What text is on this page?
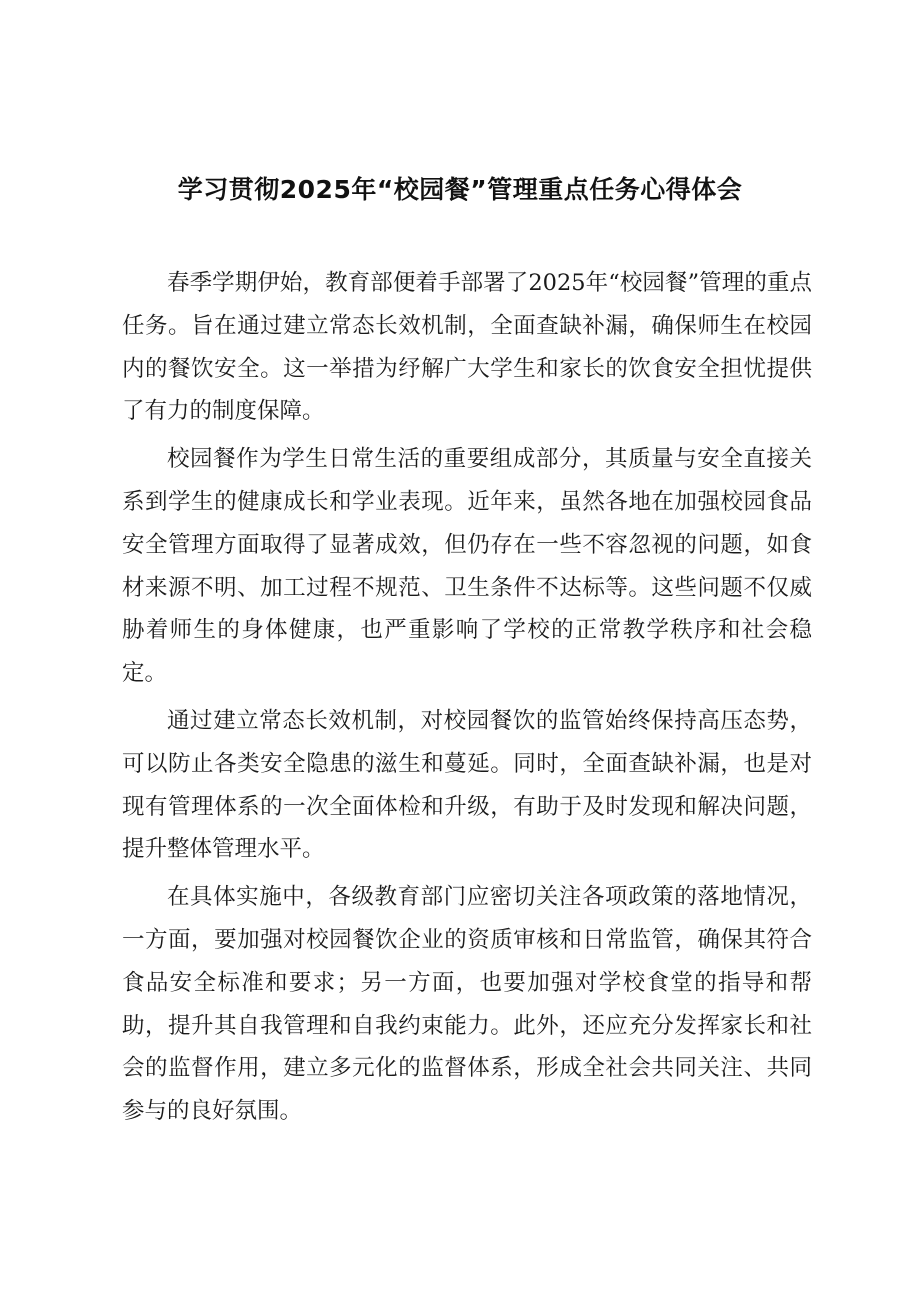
学习贯彻2025年“校园餐”管理重点任务心得体会

春季学期伊始，教育部便着手部署了2025年“校园餐”管理的重点任务。旨在通过建立常态长效机制，全面查缺补漏，确保师生在校园内的餐饮安全。这一举措为纾解广大学生和家长的饮食安全担忧提供了有力的制度保障。

校园餐作为学生日常生活的重要组成部分，其质量与安全直接关系到学生的健康成长和学业表现。近年来，虽然各地在加强校园食品安全管理方面取得了显著成效，但仍存在一些不容忽视的问题，如食材来源不明、加工过程不规范、卫生条件不达标等。这些问题不仅威胁着师生的身体健康，也严重影响了学校的正常教学秩序和社会稳定。

通过建立常态长效机制，对校园餐饮的监管始终保持高压态势，可以防止各类安全隐患的滋生和蔓延。同时，全面查缺补漏，也是对现有管理体系的一次全面体检和升级，有助于及时发现和解决问题，提升整体管理水平。

在具体实施中，各级教育部门应密切关注各项政策的落地情况，一方面，要加强对校园餐饮企业的资质审核和日常监管，确保其符合食品安全标准和要求；另一方面，也要加强对学校食堂的指导和帮助，提升其自我管理和自我约束能力。此外，还应充分发挥家长和社会的监督作用，建立多元化的监督体系，形成全社会共同关注、共同参与的良好氛围。
